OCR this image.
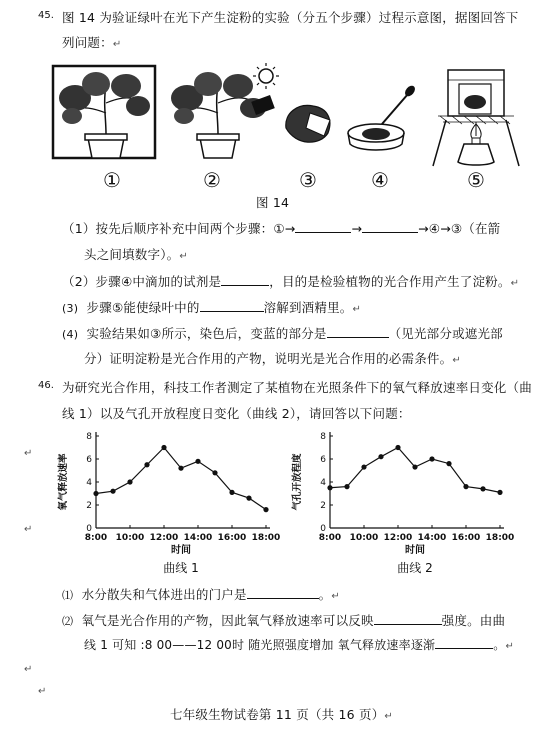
45. 图 14 为验证绿叶在光下产生淀粉的实验（分五个步骤）过程示意图，据图回答下
列问题：↵
①	②	③	④	⑤
图 14
（1）按先后顺序补充中间两个步骤：①→	→	→④→③（在箭
头之间填数字）。↵
（2）步骤④中滴加的试剂是	，目的是检验植物的光合作用产生了淀粉。↵
(3) 步骤⑤能使绿叶中的	溶解到酒精里。↵
(4) 实验结果如③所示，染色后，变蓝的部分是	（见光部分或遮光部
分）证明淀粉是光合作用的产物，说明光是光合作用的必需条件。↵
46. 为研究光合作用，科技工作者测定了某植物在光照条件下的氧气释放速率日变化（曲
线 1）以及气孔开放程度日变化（曲线 2），请回答以下问题：
↵
↵	0
2
4
6
8
8:00 10:00 12:00 14:00 16:00 18:00
氧气释放速率
时间
曲线 1
0
2
4
6
8
8:00 10:00 12:00 14:00 16:00 18:00
气孔开放程度
时间
曲线 2
⑴ 水分散失和气体进出的门户是	。↵
⑵ 氧气是光合作用的产物，因此氧气释放速率可以反映	强度。由曲
线 1 可知 :8 00——12 00时 随光照强度增加 氧气释放速率逐渐	。↵
↵
↵
七年级生物试卷第 11 页（共 16 页）↵
